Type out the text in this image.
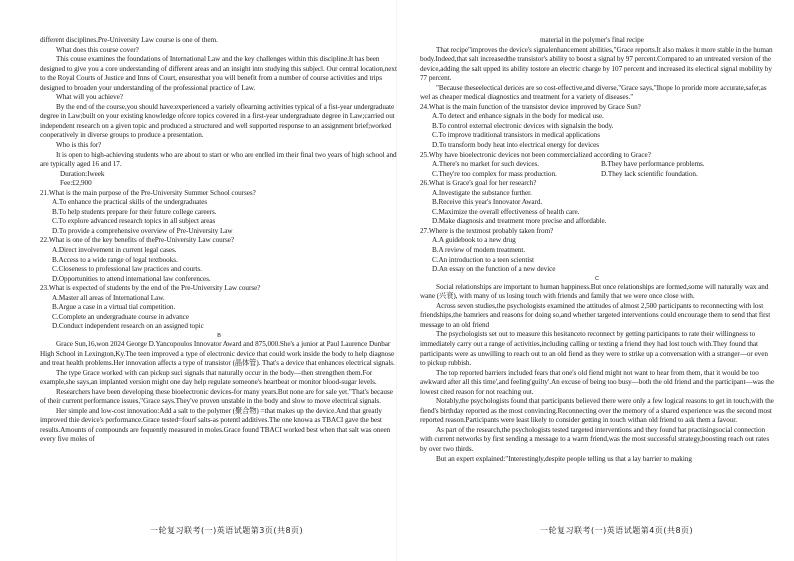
different disciplines.Pre-University Law course is one of them.

What does this course cover?

This couse examines the foundations of International Law and the key challenges within this discipline.It has been designed to give you a core understanding of different areas and an insight into studying this subjecl. Our central location,next to the Royal Courts of Justice and Inns of Court, ensuresthat you will benefit from a number of course activities and trips designed to broaden your understanding of the professional practice of Law.

What will you achieve?

By the end of the course,you should have:experienced a variely oflearning activities typical of a fist-year undergraduate degree in Law;built on your existing knowledge ofcore topics covered in a first-year undergraduate degree in Law;carried out independent research on a given topic and produced a structured and well supported response to an assignment brief;worked cooperatively in diverse groups to produce a presentation.

Who is this for?

It is open to high-achieving students who are about to start or who are enrlled im their final two years of high school and are typically aged 16 and 17.

Duration:Iweek

Fee:£2,900

21.What is the main purpose of the Pre-University Summer School courses?

A.To enhance the practical skills of the undergraduates

B.To help students prepare for their future college careers.

C.To explore advanced research topics in all subject areas

D.To provide a comprehensive overview of Pre-University Law

22.What is one of the key benefits of thePre-University Law course?

A.Direct involvement in current legal cases.

B.Access to a wide range of legal textbooks.

C.Closeness to professional law practices and courts.

D.Opportunities to attend international law conferences.

23.What is expected of students by the end of the Pre-University Law course?

A.Master all areas of International Law.

B.Argue a case in a virtual tial competition.

C.Complete an undergraduate course in advance

D.Conduct independent research on an assigned topic

B

Grace Sun,16,won 2024 George D.Yancopoulos Innovator Award and 875,000.She's a junior at Paul Laurence Dunbar High School in Lexington,Ky.The teen improved a type of electronic device that could work inside the body to help diagnose and treat health problems.Her innovation affects a type of transistor (晶体管). That's a device that enhances electrical signals.

The type Grace worked with can pickup suci signals that naturally occur in the body—then strengthen them.For example,she says,an implanted version might one day help regulate someone's heartbeat or monitor blood-sugar levels.

Researchers have been developing these bioelectronic devices-for many years.But none are for sale yet."That's because of their current performance issues,"Grace says.They've proven unstable in the body and slow to move electrical signals.

Her simple and low-cost innovatioo:Add a salt to the polymer (聚合物) =that makes up the device.And that greatly improved thie device's performance.Grace tested=fourf salts-as potentl additives.The one knowa as TBACI gave the best results.Amounts of compounds are fequently measured in moles.Grace found TBACI worked best when that salt was oneen every five moles of

material in the polymer's final recipe

That recipe"improves the device's signalenhancement abilities,"Grace reports.It also makes it more stable in the human body.Indeed,that salt increasedthe transistor's ability to boost a signal by 97 percent.Compared to an untreated version of the device,adding the salt upped its ability tostore an electric charge by 107 percent and increased its electical signal mobility by 77 percent.

"Because theseelectical derices are so cost-effective,and diverse,"Grace says,"Ihope lo proride more accurate,safer,as wel as cheaper medical diagnostics and treatment for a variety of diseases."

24.What is the main function of the transistor device improved by Grace Sun?

A.To detect and enhance signals in the body for medical use.

B.To control external electronic devices with signalsin the body.

C.To improve traditional transistors in medical applications

D.To transform body heat into electrical energy for devices

25.Why have bioelectronic devices not been commercialized according to Grace?

A.There's no market for such devices.	B.They have performance problems.
C.They're too complex for mass production.	D.They lack scientific foundation.

26.What is Grace's goal for her research?

A.Investigate the substance further.

B.Receive this year's Innovator Award.

C.Maximize the overall effectiveness of health care.

D.Make diagnosis and treatment more precise and affordable.

27.Where is the textmost probably taken from?

A.A guidebook to a new drug

B.A review of modem treatment.

C.An introduction to a teen scientist

D.An essay on the function of a new device

C

Social relationships are important to human happiness.But once relationships are formed,some will naturally wax and wane (兴衰), with many of us losing touch with friends and family that we were once close with.

Across seven studies,the psychologists examined the attitudes of almost 2,500 participants to reconnecting with lost friendships,the bamriers and reasons for doing so,and whether targeted interventions could encourage them to send that first message to an old friend

The psychologists set out to measure this hesitanceto reconnect by getting participants to rate their willingness to immediately carry out a range of activities,including calling or texting a friend they had lost touch with.They found that participants were as unwilling to reach out to an old fiend as they were to strike up a conversation with a stranger—or even to pickup rubbish.

The top reported barriers included fears that one's old fiend might not want to hear from them, that it would be too awkward after all this time',and feeling'guilty'.An excuse of being too busy—both the old friend and the participant—was the lowest cited reason for not reaching out.

Notably,the psychologists found that participants believed there were only a few logical reasons to get in touch,with the fiend's birthday reported as the most convincing.Reconnecting over the memory of a shared experience was the second most reported reason.Participants were least likely to consider getting in touch withan old friend to ask them a favour.

As part of the research,the psychologists tested targeted interventions and they found hat practisingsocial connection with current networks by first sending a message to a warm friend,was the most successful strategy,boosting reach out rates by over two thirds.

But an expert explained:"Interestingly,despite people telling us that a lay barrier to making

一轮复习联考(一)英语试题第3页(共8页)	一轮复习联考(一)英语试题第4页(共8页)
